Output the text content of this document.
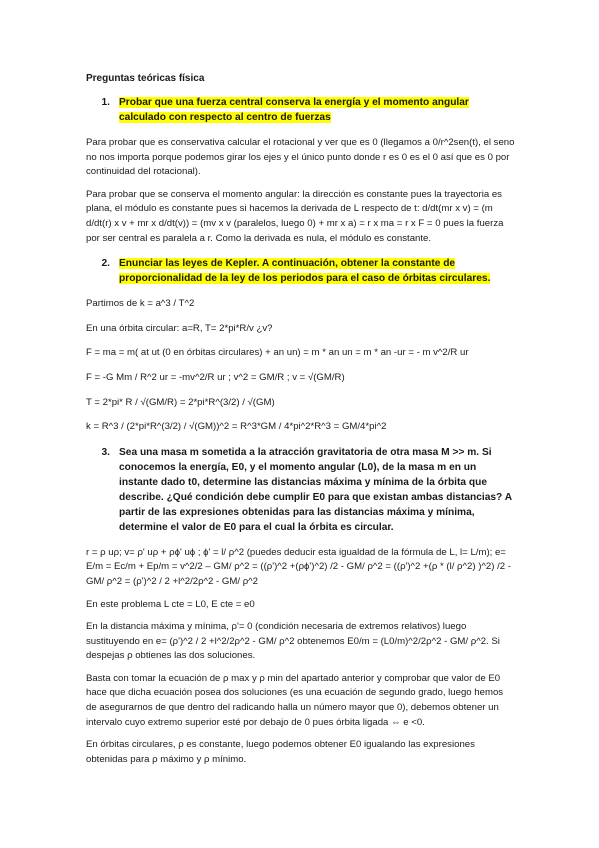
Preguntas teóricas física
1. Probar que una fuerza central conserva la energía y el momento angular calculado con respecto al centro de fuerzas

Para probar que es conservativa calcular el rotacional y ver que es 0 (llegamos a 0/r^2sen(t), el seno no nos importa porque podemos girar los ejes y el único punto donde r es 0 es el 0 así que es 0 por continuidad del rotacional).

Para probar que se conserva el momento angular: la dirección es constante pues la trayectoria es plana, el módulo es constante pues si hacemos la derivada de L respecto de t: d/dt(mr x v) = (m d/dt(r) x v + mr x d/dt(v)) = (mv x v (paralelos, luego 0) + mr x a) = r x ma = r x F = 0 pues la fuerza por ser central es paralela a r. Como la derivada es nula, el módulo es constante.

2. Enunciar las leyes de Kepler. A continuación, obtener la constante de proporcionalidad de la ley de los periodos para el caso de órbitas circulares.

Partimos de k = a^3 / T^2

En una órbita circular: a=R, T= 2*pi*R/v ¿v?

F = ma = m( at ut (0 en órbitas circulares) + an un) = m * an un = m * an -ur = - m v^2/R ur

F = -G Mm / R^2 ur = -mv^2/R ur ; v^2 = GM/R ; v = √(GM/R)

T = 2*pi* R / √(GM/R) = 2*pi*R^(3/2) / √(GM)

k = R^3 / (2*pi*R^(3/2) / √(GM))^2 = R^3*GM / 4*pi^2*R^3 = GM/4*pi^2

3. Sea una masa m sometida a la atracción gravitatoria de otra masa M >> m. Si conocemos la energía, E0, y el momento angular (L0), de la masa m en un instante dado t0, determine las distancias máxima y mínima de la órbita que describe. ¿Qué condición debe cumplir E0 para que existan ambas distancias? A partir de las expresiones obtenidas para las distancias máxima y mínima, determine el valor de E0 para el cual la órbita es circular.

r = ρ uρ; v= ρ' uρ + ρϕ' uϕ ; ϕ' = l/ ρ^2 (puedes deducir esta igualdad de la fórmula de L, l= L/m); e= E/m = Ec/m + Ep/m = v^2/2 – GM/ ρ^2 = ((ρ')^2 +(ρϕ')^2) /2 - GM/ ρ^2 = ((ρ')^2 +(ρ * (l/ ρ^2) )^2) /2 - GM/ ρ^2 = (ρ')^2 / 2 +l^2/2ρ^2 - GM/ ρ^2

En este problema L cte = L0, E cte = e0

En la distancia máxima y mínima, ρ'= 0 (condición necesaria de extremos relativos) luego sustituyendo en e= (ρ')^2 / 2 +l^2/2ρ^2 - GM/ ρ^2 obtenemos E0/m = (L0/m)^2/2ρ^2 - GM/ ρ^2. Si despejas ρ obtienes las dos soluciones.

Basta con tomar la ecuación de ρ max y ρ min del apartado anterior y comprobar que valor de E0 hace que dicha ecuación posea dos soluciones (es una ecuación de segundo grado, luego hemos de asegurarnos de que dentro del radicando halla un número mayor que 0), debemos obtener un intervalo cuyo extremo superior esté por debajo de 0 pues órbita ligada ⇔ e <0.

En órbitas circulares, ρ es constante, luego podemos obtener E0 igualando las expresiones obtenidas para ρ máximo y ρ mínimo.
